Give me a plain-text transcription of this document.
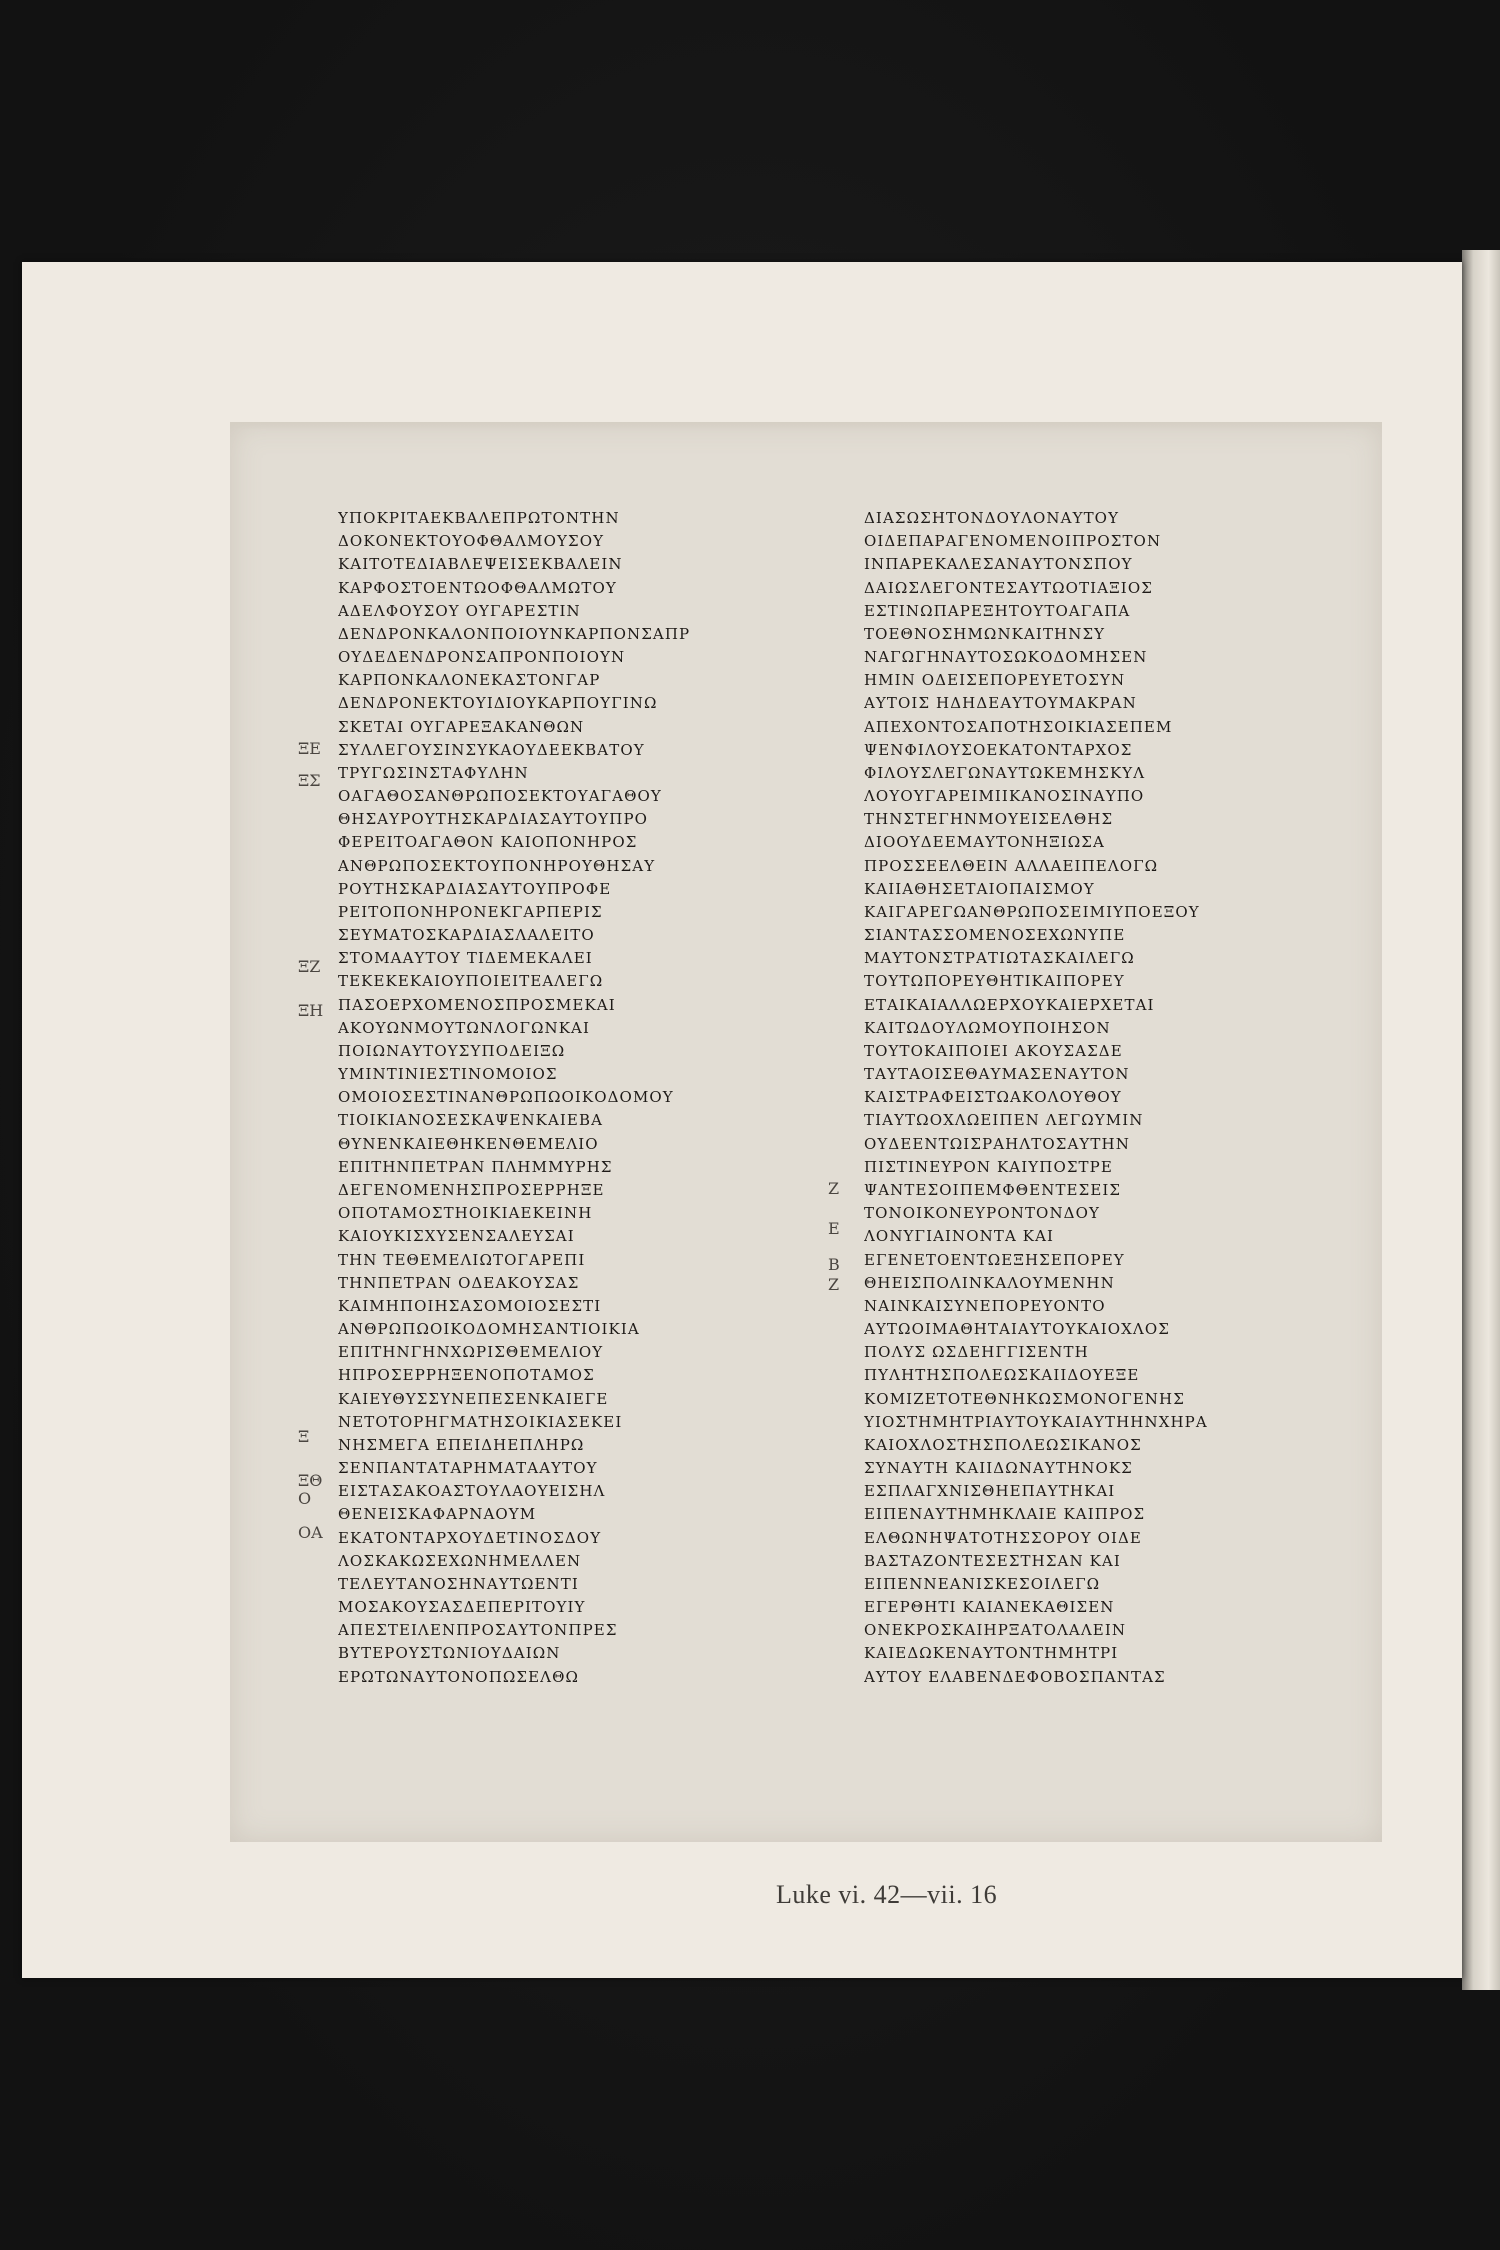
ΥΠΟΚΡΙΤΑΕΚΒΑΛΕΠΡΩΤΟΝΤΗΝ
ΔΟΚΟΝΕΚΤΟΥΟΦΘΑΛΜΟΥΣΟΥ
ΚΑΙΤΟΤΕΔΙΑΒΛΕΨΕΙΣΕΚΒΑΛΕΙΝ
ΚΑΡΦΟΣΤΟΕΝΤΩΟΦΘΑΛΜΩΤΟΥ
ΑΔΕΛΦΟΥΣΟΥ ΟΥΓΑΡΕΣΤΙΝ
ΔΕΝΔΡΟΝΚΑΛΟΝΠΟΙΟΥΝΚΑΡΠΟΝΣΑΠΡ
ΟΥΔΕΔΕΝΔΡΟΝΣΑΠΡΟΝΠΟΙΟΥΝ
ΚΑΡΠΟΝΚΑΛΟΝΕΚΑΣΤΟΝΓΑΡ
ΔΕΝΔΡΟΝΕΚΤΟΥΙΔΙΟΥΚΑΡΠΟΥΓΙΝΩ
ΣΚΕΤΑΙ ΟΥΓΑΡΕΞΑΚΑΝΘΩΝ
ΣΥΛΛΕΓΟΥΣΙΝΣΥΚΑΟΥΔΕΕΚΒΑΤΟΥ
ΤΡΥΓΩΣΙΝΣΤΑΦΥΛΗΝ
ΟΑΓΑΘΟΣΑΝΘΡΩΠΟΣΕΚΤΟΥΑΓΑΘΟΥ
ΘΗΣΑΥΡΟΥΤΗΣΚΑΡΔΙΑΣΑΥΤΟΥΠΡΟ
ΦΕΡΕΙΤΟΑΓΑΘΟΝ ΚΑΙΟΠΟΝΗΡΟΣ
ΑΝΘΡΩΠΟΣΕΚΤΟΥΠΟΝΗΡΟΥΘΗΣΑΥ
ΡΟΥΤΗΣΚΑΡΔΙΑΣΑΥΤΟΥΠΡΟΦΕ
ΡΕΙΤΟΠΟΝΗΡΟΝΕΚΓΑΡΠΕΡΙΣ
ΣΕΥΜΑΤΟΣΚΑΡΔΙΑΣΛΑΛΕΙΤΟ
ΣΤΟΜΑΑΥΤΟΥ ΤΙΔΕΜΕΚΑΛΕΙ
ΤΕΚΕΚΕΚΑΙΟΥΠΟΙΕΙΤΕΑΛΕΓΩ
ΠΑΣΟΕΡΧΟΜΕΝΟΣΠΡΟΣΜΕΚΑΙ
ΑΚΟΥΩΝΜΟΥΤΩΝΛΟΓΩΝΚΑΙ
ΠΟΙΩΝΑΥΤΟΥΣΥΠΟΔΕΙΞΩ
ΥΜΙΝΤΙΝΙΕΣΤΙΝΟΜΟΙΟΣ
ΟΜΟΙΟΣΕΣΤΙΝΑΝΘΡΩΠΩΟΙΚΟΔΟΜΟΥ
ΤΙΟΙΚΙΑΝΟΣΕΣΚΑΨΕΝΚΑΙΕΒΑ
ΘΥΝΕΝΚΑΙΕΘΗΚΕΝΘΕΜΕΛΙΟ
ΕΠΙΤΗΝΠΕΤΡΑΝ ΠΛΗΜΜΥΡΗΣ
ΔΕΓΕΝΟΜΕΝΗΣΠΡΟΣΕΡΡΗΞΕ
ΟΠΟΤΑΜΟΣΤΗΟΙΚΙΑΕΚΕΙΝΗ
ΚΑΙΟΥΚΙΣΧΥΣΕΝΣΑΛΕΥΣΑΙ
ΤΗΝ ΤΕΘΕΜΕΛΙΩΤΟΓΑΡΕΠΙ
ΤΗΝΠΕΤΡΑΝ ΟΔΕΑΚΟΥΣΑΣ
ΚΑΙΜΗΠΟΙΗΣΑΣΟΜΟΙΟΣΕΣΤΙ
ΑΝΘΡΩΠΩΟΙΚΟΔΟΜΗΣΑΝΤΙΟΙΚΙΑ
ΕΠΙΤΗΝΓΗΝΧΩΡΙΣΘΕΜΕΛΙΟΥ
ΗΠΡΟΣΕΡΡΗΞΕΝΟΠΟΤΑΜΟΣ
ΚΑΙΕΥΘΥΣΣΥΝΕΠΕΣΕΝΚΑΙΕΓΕ
ΝΕΤΟΤΟΡΗΓΜΑΤΗΣΟΙΚΙΑΣΕΚΕΙ
ΝΗΣΜΕΓΑ ΕΠΕΙΔΗΕΠΛΗΡΩ
ΣΕΝΠΑΝΤΑΤΑΡΗΜΑΤΑΑΥΤΟΥ
ΕΙΣΤΑΣΑΚΟΑΣΤΟΥΛΑΟΥΕΙΣΗΛ
ΘΕΝΕΙΣΚΑΦΑΡΝΑΟΥΜ
ΕΚΑΤΟΝΤΑΡΧΟΥΔΕΤΙΝΟΣΔΟΥ
ΛΟΣΚΑΚΩΣΕΧΩΝΗΜΕΛΛΕΝ
ΤΕΛΕΥΤΑΝΟΣΗΝΑΥΤΩΕΝΤΙ
ΜΟΣΑΚΟΥΣΑΣΔΕΠΕΡΙΤΟΥΙΥ
ΑΠΕΣΤΕΙΛΕΝΠΡΟΣΑΥΤΟΝΠΡΕΣ
ΒΥΤΕΡΟΥΣΤΩΝΙΟΥΔΑΙΩΝ
ΕΡΩΤΩΝΑΥΤΟΝΟΠΩΣΕΛΘΩ
ΔΙΑΣΩΣΗΤΟΝΔΟΥΛΟΝΑΥΤΟΥ
ΟΙΔΕΠΑΡΑΓΕΝΟΜΕΝΟΙΠΡΟΣΤΟΝ
ΙΝΠΑΡΕΚΑΛΕΣΑΝΑΥΤΟΝΣΠΟΥ
ΔΑΙΩΣΛΕΓΟΝΤΕΣΑΥΤΩΟΤΙΑΞΙΟΣ
ΕΣΤΙΝΩΠΑΡΕΞΗΤΟΥΤΟΑΓΑΠΑ
ΤΟΕΘΝΟΣΗΜΩΝΚΑΙΤΗΝΣΥ
ΝΑΓΩΓΗΝΑΥΤΟΣΩΚΟΔΟΜΗΣΕΝ
ΗΜΙΝ ΟΔΕΙΣΕΠΟΡΕΥΕΤΟΣΥΝ
ΑΥΤΟΙΣ ΗΔΗΔΕΑΥΤΟΥΜΑΚΡΑΝ
ΑΠΕΧΟΝΤΟΣΑΠΟΤΗΣΟΙΚΙΑΣΕΠΕΜ
ΨΕΝΦΙΛΟΥΣΟΕΚΑΤΟΝΤΑΡΧΟΣ
ΦΙΛΟΥΣΛΕΓΩΝΑΥΤΩΚΕΜΗΣΚΥΛ
ΛΟΥΟΥΓΑΡΕΙΜΙΙΚΑΝΟΣΙΝΑΥΠΟ
ΤΗΝΣΤΕΓΗΝΜΟΥΕΙΣΕΛΘΗΣ
ΔΙΟΟΥΔΕΕΜΑΥΤΟΝΗΞΙΩΣΑ
ΠΡΟΣΣΕΕΛΘΕΙΝ ΑΛΛΑΕΙΠΕΛΟΓΩ
ΚΑΙΙΑΘΗΣΕΤΑΙΟΠΑΙΣΜΟΥ
ΚΑΙΓΑΡΕΓΩΑΝΘΡΩΠΟΣΕΙΜΙΥΠΟΕΞΟΥ
ΣΙΑΝΤΑΣΣΟΜΕΝΟΣΕΧΩΝΥΠΕ
ΜΑΥΤΟΝΣΤΡΑΤΙΩΤΑΣΚΑΙΛΕΓΩ
ΤΟΥΤΩΠΟΡΕΥΘΗΤΙΚΑΙΠΟΡΕΥ
ΕΤΑΙΚΑΙΑΛΛΩΕΡΧΟΥΚΑΙΕΡΧΕΤΑΙ
ΚΑΙΤΩΔΟΥΛΩΜΟΥΠΟΙΗΣΟΝ
ΤΟΥΤΟΚΑΙΠΟΙΕΙ ΑΚΟΥΣΑΣΔΕ
ΤΑΥΤΑΟΙΣΕΘΑΥΜΑΣΕΝΑΥΤΟΝ
ΚΑΙΣΤΡΑΦΕΙΣΤΩΑΚΟΛΟΥΘΟΥ
ΤΙΑΥΤΩΟΧΛΩΕΙΠΕΝ ΛΕΓΩΥΜΙΝ
ΟΥΔΕΕΝΤΩΙΣΡΑΗΛΤΟΣΑΥΤΗΝ
ΠΙΣΤΙΝΕΥΡΟΝ ΚΑΙΥΠΟΣΤΡΕ
ΨΑΝΤΕΣΟΙΠΕΜΦΘΕΝΤΕΣΕΙΣ
ΤΟΝΟΙΚΟΝΕΥΡΟΝΤΟΝΔΟΥ
ΛΟΝΥΓΙΑΙΝΟΝΤΑ ΚΑΙ
ΕΓΕΝΕΤΟΕΝΤΩΕΞΗΣΕΠΟΡΕΥ
ΘΗΕΙΣΠΟΛΙΝΚΑΛΟΥΜΕΝΗΝ
ΝΑΙΝΚΑΙΣΥΝΕΠΟΡΕΥΟΝΤΟ
ΑΥΤΩΟΙΜΑΘΗΤΑΙΑΥΤΟΥΚΑΙΟΧΛΟΣ
ΠΟΛΥΣ ΩΣΔΕΗΓΓΙΣΕΝΤΗ
ΠΥΛΗΤΗΣΠΟΛΕΩΣΚΑΙΙΔΟΥΕΞΕ
ΚΟΜΙΖΕΤΟΤΕΘΝΗΚΩΣΜΟΝΟΓΕΝΗΣ
ΥΙΟΣΤΗΜΗΤΡΙΑΥΤΟΥΚΑΙΑΥΤΗΗΝΧΗΡΑ
ΚΑΙΟΧΛΟΣΤΗΣΠΟΛΕΩΣΙΚΑΝΟΣ
ΣΥΝΑΥΤΗ ΚΑΙΙΔΩΝΑΥΤΗΝΟΚΣ
ΕΣΠΛΑΓΧΝΙΣΘΗΕΠΑΥΤΗΚΑΙ
ΕΙΠΕΝΑΥΤΗΜΗΚΛΑΙΕ ΚΑΙΠΡΟΣ
ΕΛΘΩΝΗΨΑΤΟΤΗΣΣΟΡΟΥ ΟΙΔΕ
ΒΑΣΤΑΖΟΝΤΕΣΕΣΤΗΣΑΝ ΚΑΙ
ΕΙΠΕΝΝΕΑΝΙΣΚΕΣΟΙΛΕΓΩ
ΕΓΕΡΘΗΤΙ ΚΑΙΑΝΕΚΑΘΙΣΕΝ
ΟΝΕΚΡΟΣΚΑΙΗΡΞΑΤΟΛΑΛΕΙΝ
ΚΑΙΕΔΩΚΕΝΑΥΤΟΝΤΗΜΗΤΡΙ
ΑΥΤΟΥ ΕΛΑΒΕΝΔΕΦΟΒΟΣΠΑΝΤΑΣ
ΞΕ
ΞΣ
ΞΖ
ΞΗ
Ξ
ΞΘ
Ο
ΟΑ
Ζ
Ε
Β
Ζ
Luke vi. 42—vii. 16
